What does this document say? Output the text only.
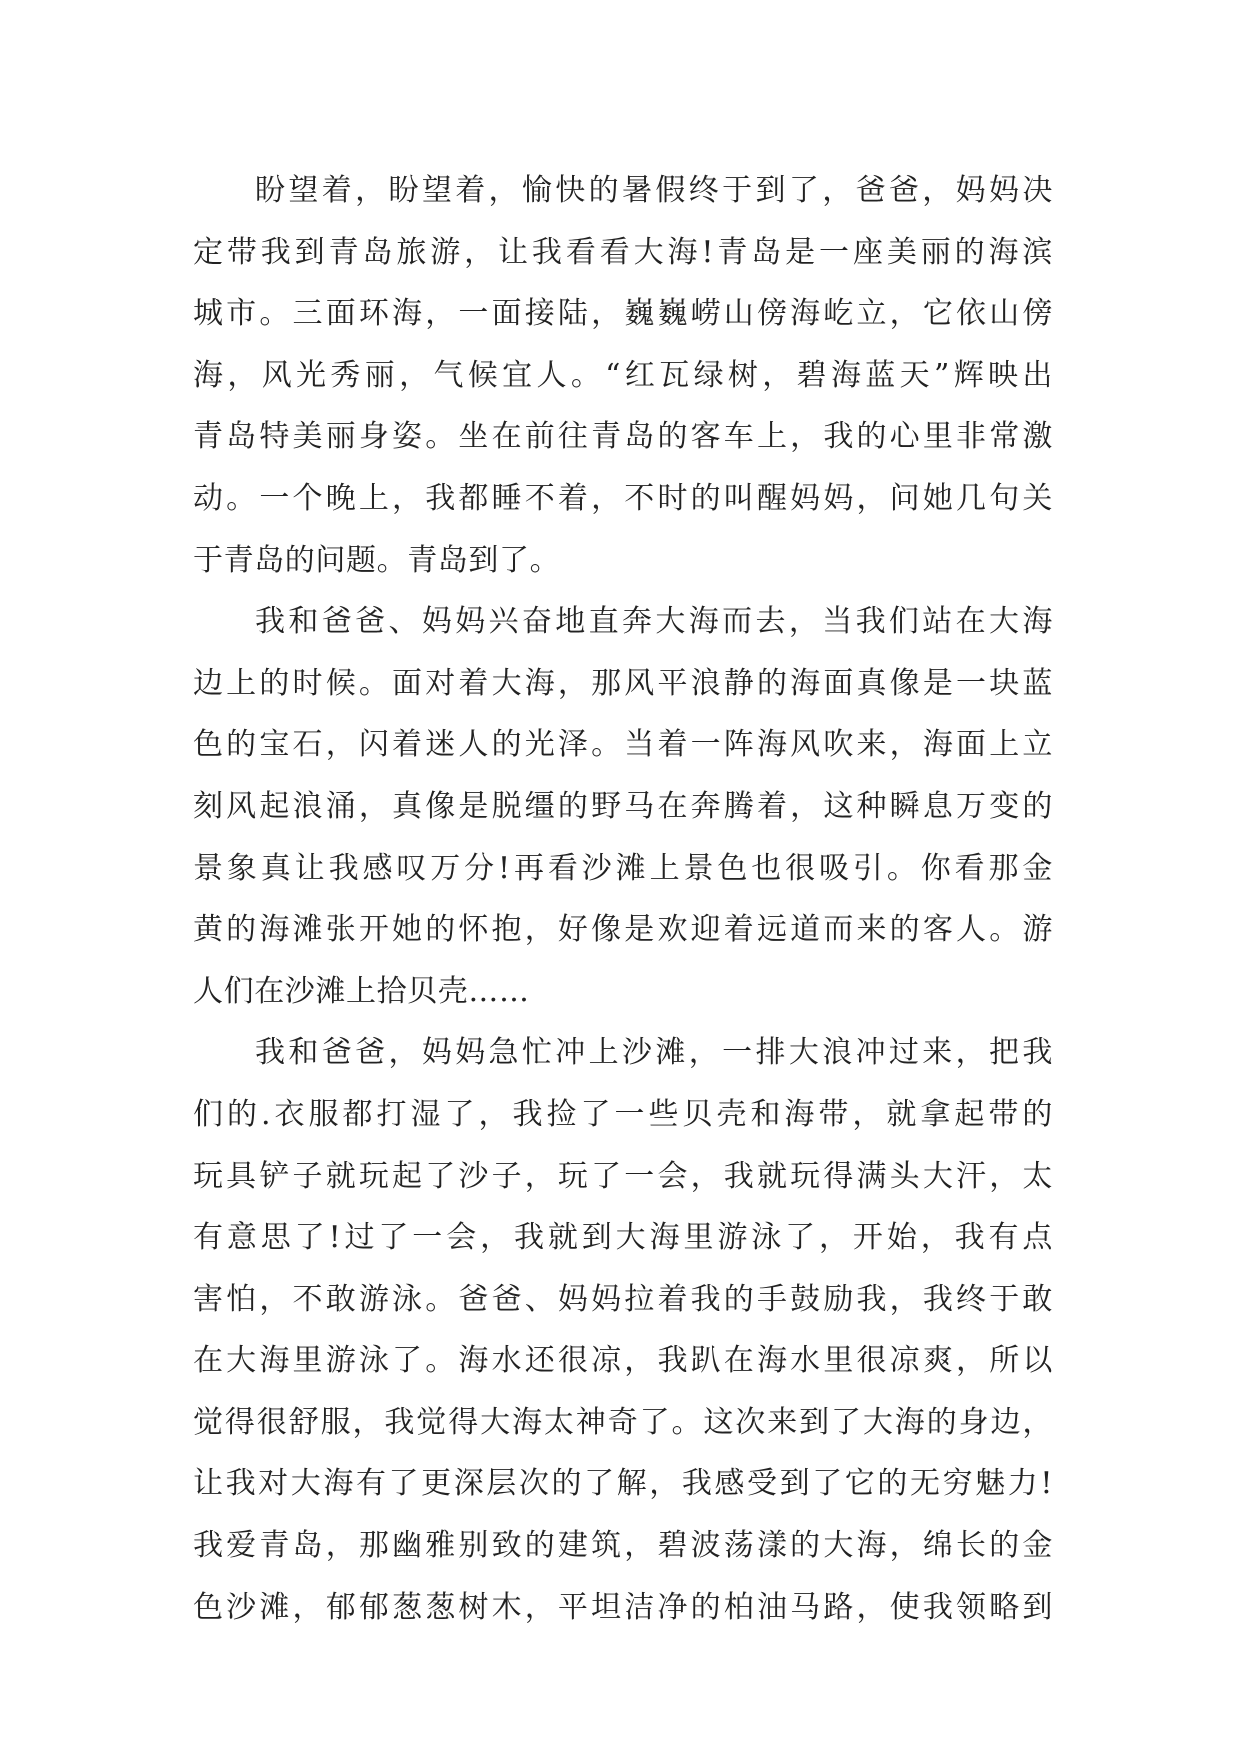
盼望着，盼望着，愉快的暑假终于到了，爸爸，妈妈决
定带我到青岛旅游，让我看看大海!青岛是一座美丽的海滨
城市。三面环海，一面接陆，巍巍崂山傍海屹立，它依山傍
海，风光秀丽，气候宜人。“红瓦绿树，碧海蓝天”辉映出
青岛特美丽身姿。坐在前往青岛的客车上，我的心里非常激
动。一个晚上，我都睡不着，不时的叫醒妈妈，问她几句关
于青岛的问题。青岛到了。
我和爸爸、妈妈兴奋地直奔大海而去，当我们站在大海
边上的时候。面对着大海，那风平浪静的海面真像是一块蓝
色的宝石，闪着迷人的光泽。当着一阵海风吹来，海面上立
刻风起浪涌，真像是脱缰的野马在奔腾着，这种瞬息万变的
景象真让我感叹万分!再看沙滩上景色也很吸引。你看那金
黄的海滩张开她的怀抱，好像是欢迎着远道而来的客人。游
人们在沙滩上拾贝壳……
我和爸爸，妈妈急忙冲上沙滩，一排大浪冲过来，把我
们的.衣服都打湿了，我捡了一些贝壳和海带，就拿起带的
玩具铲子就玩起了沙子，玩了一会，我就玩得满头大汗，太
有意思了!过了一会，我就到大海里游泳了，开始，我有点
害怕，不敢游泳。爸爸、妈妈拉着我的手鼓励我，我终于敢
在大海里游泳了。海水还很凉，我趴在海水里很凉爽，所以
觉得很舒服，我觉得大海太神奇了。这次来到了大海的身边，
让我对大海有了更深层次的了解，我感受到了它的无穷魅力!
我爱青岛，那幽雅别致的建筑，碧波荡漾的大海，绵长的金
色沙滩，郁郁葱葱树木，平坦洁净的柏油马路，使我领略到
